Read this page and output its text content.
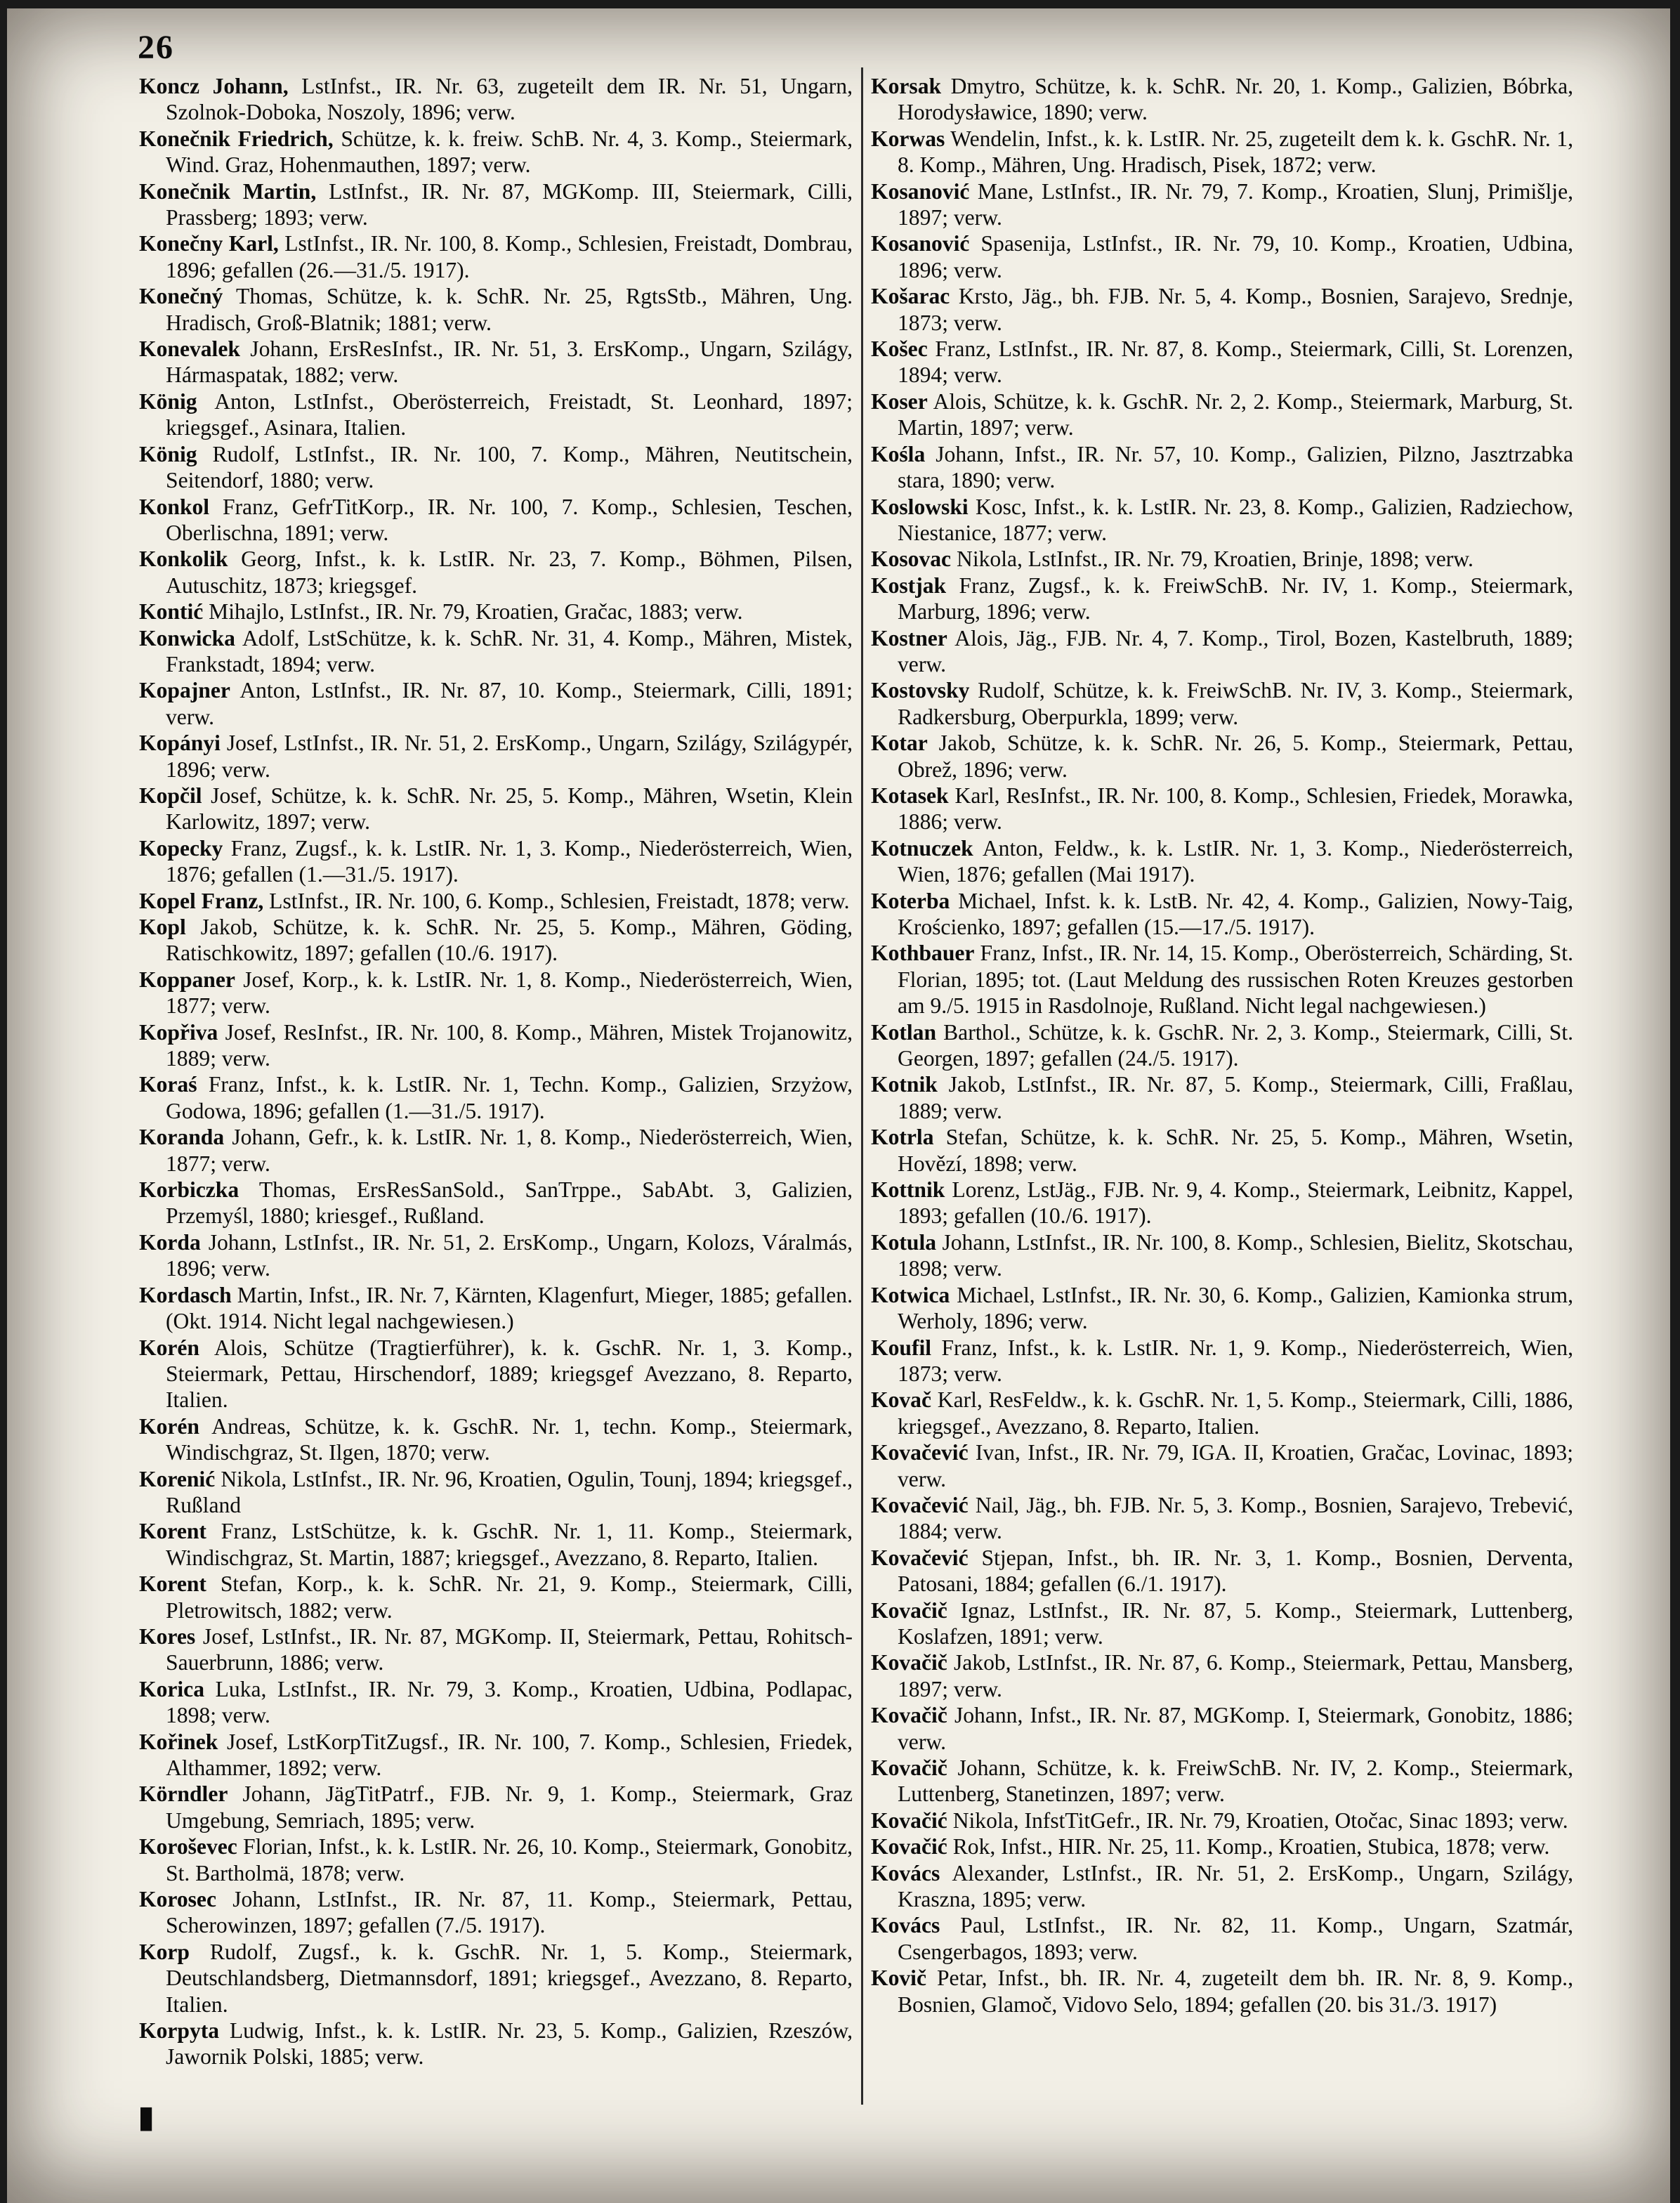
26

Koncz Johann, LstInfst., IR. Nr. 63, zugeteilt dem IR. Nr. 51, Ungarn, Szolnok-Doboka, Noszoly, 1896; verw.

Konečnik Friedrich, Schütze, k. k. freiw. SchB. Nr. 4, 3. Komp., Steiermark, Wind. Graz, Hohenmauthen, 1897; verw.

Konečnik Martin, LstInfst., IR. Nr. 87, MGKomp. III, Steiermark, Cilli, Prassberg; 1893; verw.

Konečny Karl, LstInfst., IR. Nr. 100, 8. Komp., Schlesien, Freistadt, Dombrau, 1896; gefallen (26.—31./5. 1917).

Konečný Thomas, Schütze, k. k. SchR. Nr. 25, RgtsStb., Mähren, Ung. Hradisch, Groß-Blatnik; 1881; verw.

Konevalek Johann, ErsResInfst., IR. Nr. 51, 3. ErsKomp., Ungarn, Szilágy, Hármaspatak, 1882; verw.

König Anton, LstInfst., Oberösterreich, Freistadt, St. Leonhard, 1897; kriegsgef., Asinara, Italien.

König Rudolf, LstInfst., IR. Nr. 100, 7. Komp., Mähren, Neutitschein, Seitendorf, 1880; verw.

Konkol Franz, GefrTitKorp., IR. Nr. 100, 7. Komp., Schlesien, Teschen, Oberlischna, 1891; verw.

Konkolik Georg, Infst., k. k. LstIR. Nr. 23, 7. Komp., Böhmen, Pilsen, Autuschitz, 1873; kriegsgef.

Kontić Mihajlo, LstInfst., IR. Nr. 79, Kroatien, Gračac, 1883; verw.

Konwicka Adolf, LstSchütze, k. k. SchR. Nr. 31, 4. Komp., Mähren, Mistek, Frankstadt, 1894; verw.

Kopajner Anton, LstInfst., IR. Nr. 87, 10. Komp., Steiermark, Cilli, 1891; verw.

Kopányi Josef, LstInfst., IR. Nr. 51, 2. ErsKomp., Ungarn, Szilágy, Szilágypér, 1896; verw.

Kopčil Josef, Schütze, k. k. SchR. Nr. 25, 5. Komp., Mähren, Wsetin, Klein Karlowitz, 1897; verw.

Kopecky Franz, Zugsf., k. k. LstIR. Nr. 1, 3. Komp., Niederösterreich, Wien, 1876; gefallen (1.—31./5. 1917).

Kopel Franz, LstInfst., IR. Nr. 100, 6. Komp., Schlesien, Freistadt, 1878; verw.

Kopl Jakob, Schütze, k. k. SchR. Nr. 25, 5. Komp., Mähren, Göding, Ratischkowitz, 1897; gefallen (10./6. 1917).

Koppaner Josef, Korp., k. k. LstIR. Nr. 1, 8. Komp., Niederösterreich, Wien, 1877; verw.

Kopřiva Josef, ResInfst., IR. Nr. 100, 8. Komp., Mähren, Mistek Trojanowitz, 1889; verw.

Koraś Franz, Infst., k. k. LstIR. Nr. 1, Techn. Komp., Galizien, Srzyżow, Godowa, 1896; gefallen (1.—31./5. 1917).

Koranda Johann, Gefr., k. k. LstIR. Nr. 1, 8. Komp., Niederösterreich, Wien, 1877; verw.

Korbiczka Thomas, ErsResSanSold., SanTrppe., SabAbt. 3, Galizien, Przemyśl, 1880; kriesgef., Rußland.

Korda Johann, LstInfst., IR. Nr. 51, 2. ErsKomp., Ungarn, Kolozs, Váralmás, 1896; verw.

Kordasch Martin, Infst., IR. Nr. 7, Kärnten, Klagenfurt, Mieger, 1885; gefallen. (Okt. 1914. Nicht legal nachgewiesen.)

Korén Alois, Schütze (Tragtierführer), k. k. GschR. Nr. 1, 3. Komp., Steiermark, Pettau, Hirschendorf, 1889; kriegsgef Avezzano, 8. Reparto, Italien.

Korén Andreas, Schütze, k. k. GschR. Nr. 1, techn. Komp., Steiermark, Windischgraz, St. Ilgen, 1870; verw.

Korenić Nikola, LstInfst., IR. Nr. 96, Kroatien, Ogulin, Tounj, 1894; kriegsgef., Rußland

Korent Franz, LstSchütze, k. k. GschR. Nr. 1, 11. Komp., Steiermark, Windischgraz, St. Martin, 1887; kriegsgef., Avezzano, 8. Reparto, Italien.

Korent Stefan, Korp., k. k. SchR. Nr. 21, 9. Komp., Steiermark, Cilli, Pletrowitsch, 1882; verw.

Kores Josef, LstInfst., IR. Nr. 87, MGKomp. II, Steiermark, Pettau, Rohitsch-Sauerbrunn, 1886; verw.

Korica Luka, LstInfst., IR. Nr. 79, 3. Komp., Kroatien, Udbina, Podlapac, 1898; verw.

Kořinek Josef, LstKorpTitZugsf., IR. Nr. 100, 7. Komp., Schlesien, Friedek, Althammer, 1892; verw.

Körndler Johann, JägTitPatrf., FJB. Nr. 9, 1. Komp., Steiermark, Graz Umgebung, Semriach, 1895; verw.

Koroševec Florian, Infst., k. k. LstIR. Nr. 26, 10. Komp., Steiermark, Gonobitz, St. Bartholmä, 1878; verw.

Korosec Johann, LstInfst., IR. Nr. 87, 11. Komp., Steiermark, Pettau, Scherowinzen, 1897; gefallen (7./5. 1917).

Korp Rudolf, Zugsf., k. k. GschR. Nr. 1, 5. Komp., Steiermark, Deutschlandsberg, Dietmannsdorf, 1891; kriegsgef., Avezzano, 8. Reparto, Italien.

Korpyta Ludwig, Infst., k. k. LstIR. Nr. 23, 5. Komp., Galizien, Rzeszów, Jawornik Polski, 1885; verw.

Korsak Dmytro, Schütze, k. k. SchR. Nr. 20, 1. Komp., Galizien, Bóbrka, Horodysławice, 1890; verw.

Korwas Wendelin, Infst., k. k. LstIR. Nr. 25, zugeteilt dem k. k. GschR. Nr. 1, 8. Komp., Mähren, Ung. Hradisch, Pisek, 1872; verw.

Kosanović Mane, LstInfst., IR. Nr. 79, 7. Komp., Kroatien, Slunj, Primišlje, 1897; verw.

Kosanović Spasenija, LstInfst., IR. Nr. 79, 10. Komp., Kroatien, Udbina, 1896; verw.

Košarac Krsto, Jäg., bh. FJB. Nr. 5, 4. Komp., Bosnien, Sarajevo, Srednje, 1873; verw.

Košec Franz, LstInfst., IR. Nr. 87, 8. Komp., Steiermark, Cilli, St. Lorenzen, 1894; verw.

Koser Alois, Schütze, k. k. GschR. Nr. 2, 2. Komp., Steiermark, Marburg, St. Martin, 1897; verw.

Kośla Johann, Infst., IR. Nr. 57, 10. Komp., Galizien, Pilzno, Jasztrzabka stara, 1890; verw.

Koslowski Kosc, Infst., k. k. LstIR. Nr. 23, 8. Komp., Galizien, Radziechow, Niestanice, 1877; verw.

Kosovac Nikola, LstInfst., IR. Nr. 79, Kroatien, Brinje, 1898; verw.

Kostjak Franz, Zugsf., k. k. FreiwSchB. Nr. IV, 1. Komp., Steiermark, Marburg, 1896; verw.

Kostner Alois, Jäg., FJB. Nr. 4, 7. Komp., Tirol, Bozen, Kastelbruth, 1889; verw.

Kostovsky Rudolf, Schütze, k. k. FreiwSchB. Nr. IV, 3. Komp., Steiermark, Radkersburg, Oberpurkla, 1899; verw.

Kotar Jakob, Schütze, k. k. SchR. Nr. 26, 5. Komp., Steiermark, Pettau, Obrež, 1896; verw.

Kotasek Karl, ResInfst., IR. Nr. 100, 8. Komp., Schlesien, Friedek, Morawka, 1886; verw.

Kotnuczek Anton, Feldw., k. k. LstIR. Nr. 1, 3. Komp., Niederösterreich, Wien, 1876; gefallen (Mai 1917).

Koterba Michael, Infst. k. k. LstB. Nr. 42, 4. Komp., Galizien, Nowy-Taig, Krościenko, 1897; gefallen (15.—17./5. 1917).

Kothbauer Franz, Infst., IR. Nr. 14, 15. Komp., Oberösterreich, Schärding, St. Florian, 1895; tot. (Laut Meldung des russischen Roten Kreuzes gestorben am 9./5. 1915 in Rasdolnoje, Rußland. Nicht legal nachgewiesen.)

Kotlan Barthol., Schütze, k. k. GschR. Nr. 2, 3. Komp., Steiermark, Cilli, St. Georgen, 1897; gefallen (24./5. 1917).

Kotnik Jakob, LstInfst., IR. Nr. 87, 5. Komp., Steiermark, Cilli, Fraßlau, 1889; verw.

Kotrla Stefan, Schütze, k. k. SchR. Nr. 25, 5. Komp., Mähren, Wsetin, Hovězí, 1898; verw.

Kottnik Lorenz, LstJäg., FJB. Nr. 9, 4. Komp., Steiermark, Leibnitz, Kappel, 1893; gefallen (10./6. 1917).

Kotula Johann, LstInfst., IR. Nr. 100, 8. Komp., Schlesien, Bielitz, Skotschau, 1898; verw.

Kotwica Michael, LstInfst., IR. Nr. 30, 6. Komp., Galizien, Kamionka strum, Werholy, 1896; verw.

Koufil Franz, Infst., k. k. LstIR. Nr. 1, 9. Komp., Niederösterreich, Wien, 1873; verw.

Kovač Karl, ResFeldw., k. k. GschR. Nr. 1, 5. Komp., Steiermark, Cilli, 1886, kriegsgef., Avezzano, 8. Reparto, Italien.

Kovačević Ivan, Infst., IR. Nr. 79, IGA. II, Kroatien, Gračac, Lovinac, 1893; verw.

Kovačević Nail, Jäg., bh. FJB. Nr. 5, 3. Komp., Bosnien, Sarajevo, Trebević, 1884; verw.

Kovačević Stjepan, Infst., bh. IR. Nr. 3, 1. Komp., Bosnien, Derventa, Patosani, 1884; gefallen (6./1. 1917).

Kovačič Ignaz, LstInfst., IR. Nr. 87, 5. Komp., Steiermark, Luttenberg, Koslafzen, 1891; verw.

Kovačič Jakob, LstInfst., IR. Nr. 87, 6. Komp., Steiermark, Pettau, Mansberg, 1897; verw.

Kovačič Johann, Infst., IR. Nr. 87, MGKomp. I, Steiermark, Gonobitz, 1886; verw.

Kovačič Johann, Schütze, k. k. FreiwSchB. Nr. IV, 2. Komp., Steiermark, Luttenberg, Stanetinzen, 1897; verw.

Kovačić Nikola, InfstTitGefr., IR. Nr. 79, Kroatien, Otočac, Sinac 1893; verw.

Kovačić Rok, Infst., HIR. Nr. 25, 11. Komp., Kroatien, Stubica, 1878; verw.

Kovács Alexander, LstInfst., IR. Nr. 51, 2. ErsKomp., Ungarn, Szilágy, Kraszna, 1895; verw.

Kovács Paul, LstInfst., IR. Nr. 82, 11. Komp., Ungarn, Szatmár, Csengerbagos, 1893; verw.

Kovič Petar, Infst., bh. IR. Nr. 4, zugeteilt dem bh. IR. Nr. 8, 9. Komp., Bosnien, Glamoč, Vidovo Selo, 1894; gefallen (20. bis 31./3. 1917)

▮
